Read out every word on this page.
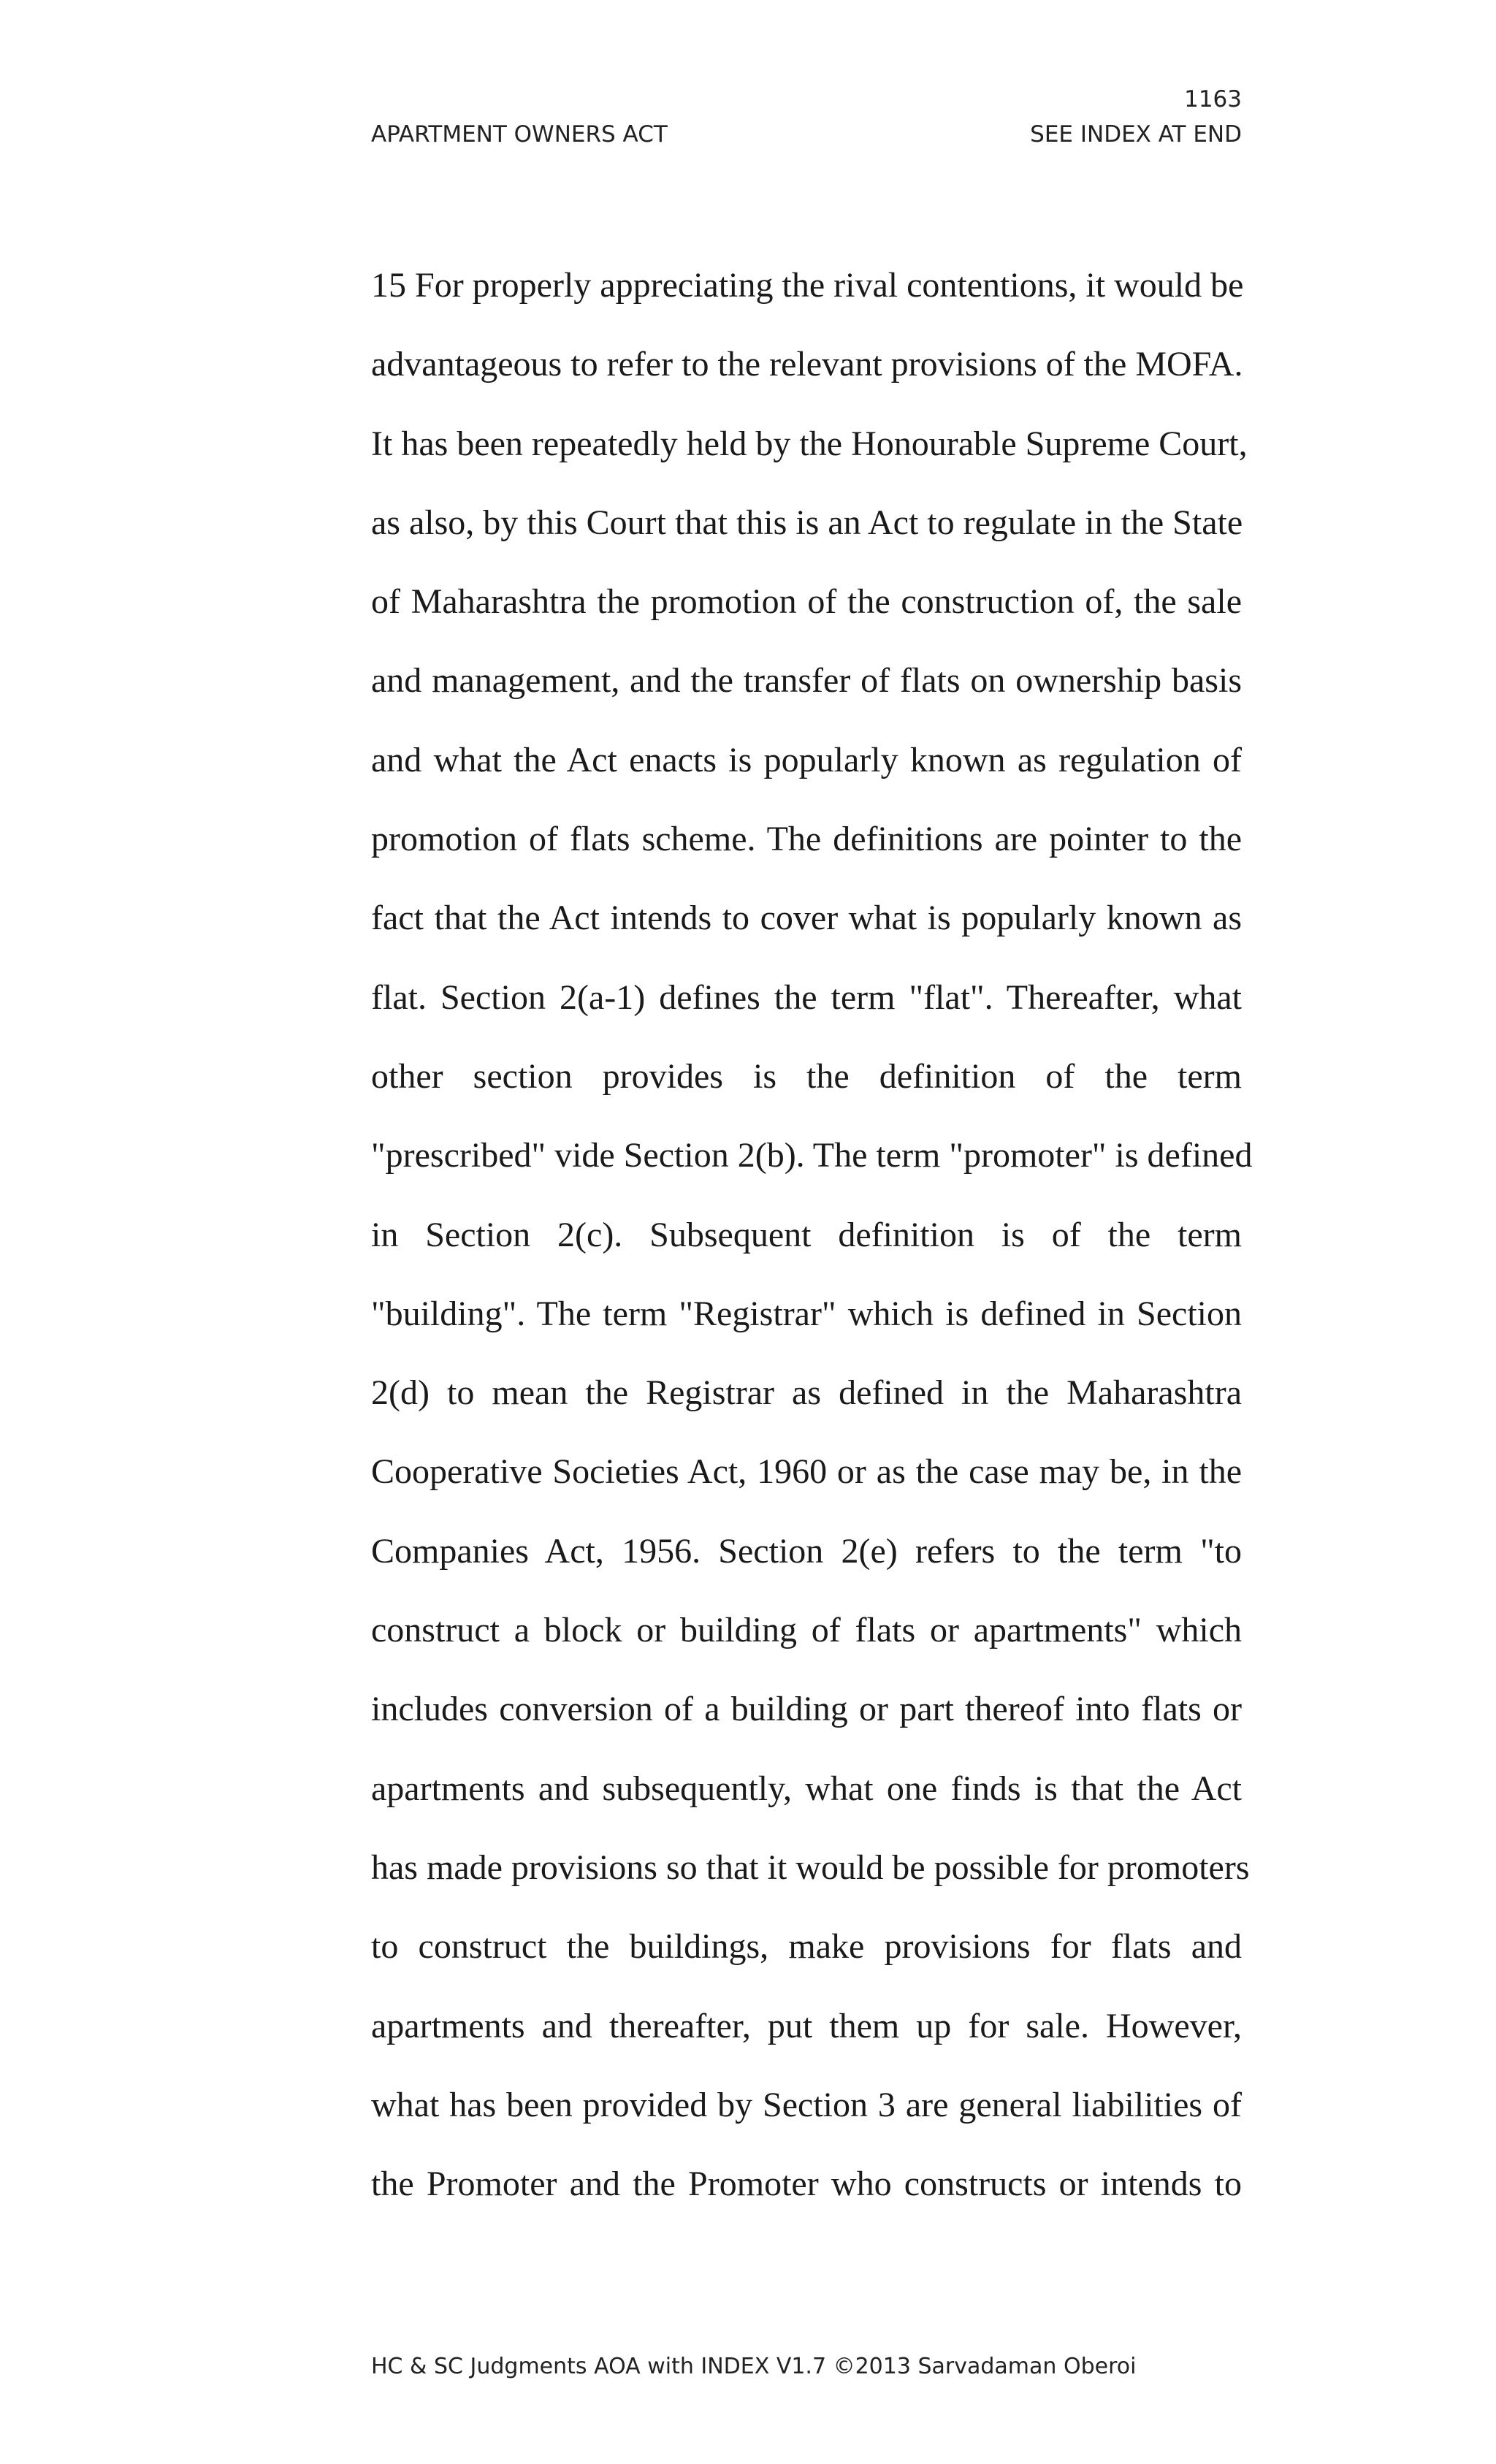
1163
APARTMENT OWNERS ACT	SEE INDEX AT END
15 For properly appreciating the rival contentions, it would be
advantageous to refer to the relevant provisions of the MOFA.
It has been repeatedly held by the Honourable Supreme Court,
as also, by this Court that this is an Act to regulate in the State
of Maharashtra the promotion of the construction of, the sale
and management, and the transfer of flats on ownership basis
and what the Act enacts is popularly known as regulation of
promotion of flats scheme. The definitions are pointer to the
fact that the Act intends to cover what is popularly known as
flat. Section 2(a-1) defines the term "flat". Thereafter, what
other section provides is the definition of the term
"prescribed" vide Section 2(b). The term "promoter" is defined
in Section 2(c). Subsequent definition is of the term
"building". The term "Registrar" which is defined in Section
2(d) to mean the Registrar as defined in the Maharashtra
Cooperative Societies Act, 1960 or as the case may be, in the
Companies Act, 1956. Section 2(e) refers to the term "to
construct a block or building of flats or apartments" which
includes conversion of a building or part thereof into flats or
apartments and subsequently, what one finds is that the Act
has made provisions so that it would be possible for promoters
to construct the buildings, make provisions for flats and
apartments and thereafter, put them up for sale. However,
what has been provided by Section 3 are general liabilities of
the Promoter and the Promoter who constructs or intends to
HC & SC Judgments AOA with INDEX V1.7 ©2013 Sarvadaman Oberoi
